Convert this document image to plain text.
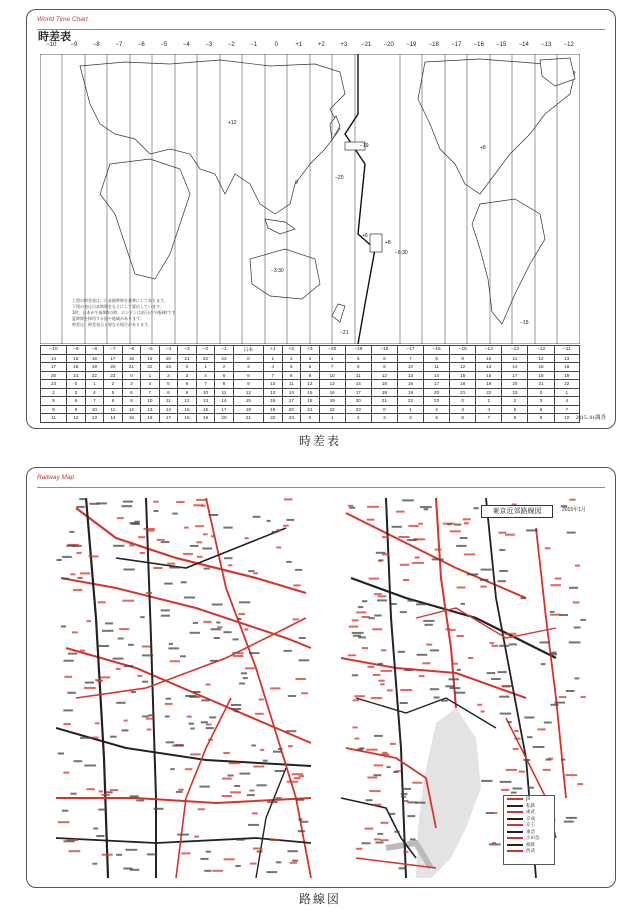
World Time Chart
時差表
−10 −9	−8	−7	−6	−5	−4	−3	−2	−1	0	+1	+2	+3 −21 −20 −19 −18 −17 −16 −15 −14 −13 −12
+12
0
−20
+6
−19
+8
−3:30
−6:30
+8
−15
−21
上図の時差表は、日本標準時を基準にしてあります。
下図の表は日本時間をもとにして算出しています。
1時、日本が午前0時の時、ロンドンは前日の午後3時です
夏時間を採用する国や地域があります。
時差は、時差表示と異なる場合があります。
−10	−9	−8	−7	−6	−5	−4	−3	−2	−1	日本	+1	+2	+3	−20	−19	−18	−17	−16	−15	−14	−13	−12	−11
14	15	16	17	18	19	20	21	22	23	0	1	2	3	4	5	6	7	8	9	10	11	12	13
17	18	19	20	21	22	23	0	1	2	3	4	5	6	7	8	9	10	11	12	13	14	15	16
20	21	22	23	0	1	2	3	4	5	6	7	8	9	10	11	12	13	14	15	16	17	18	19
23	0	1	2	3	4	5	6	7	8	9	10	11	12	13	14	15	16	17	18	19	20	21	22
2	3	4	5	6	7	8	9	10	11	12	13	14	15	16	17	18	19	20	21	22	23	0	1
5	6	7	8	9	10	11	12	13	14	15	16	17	18	19	20	21	22	23	0	1	2	3	4
8	9	10	11	12	13	14	15	16	17	18	19	20	21	22	23	0	1	2	3	4	5	6	7
11	12	13	14	15	16	17	18	19	20	21	22	23	0	1	2	3	4	5	6	7	8	9	10 2015. 01調査
時差表
Railway Map
東京近郊路線図	2015年1月
JR
私鉄
東武
京成
京王
東急
小田急
相鉄
西武
路線図
